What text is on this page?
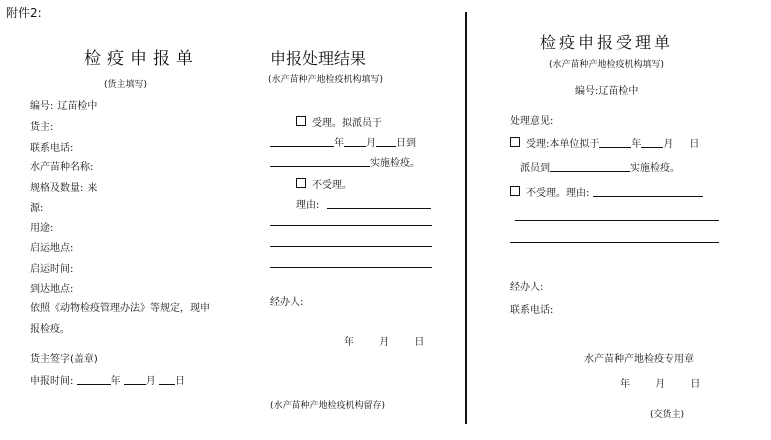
附件2:
检疫申报单
(货主填写)
编号: 辽苗检中
货主:
联系电话:
水产苗种名称:
规格及数量: 来
源:
用途:
启运地点:
启运时间:
到达地点:
依照《动物检疫管理办法》等规定，现申
报检疫。
货主签字(盖章)
申报时间:	年	月 日
申报处理结果
(水产苗种产地检疫机构填写)
受理。拟派员于
年 月 日到
实施检疫。
不受理。
理由:
经办人:
年	月	日
(水产苗种产地检疫机构留存)
检疫申报受理单
(水产苗种产地检疫机构填写)
编号:辽苗检中
处理意见:
受理:本单位拟于	年 月 日
派员到	实施检疫。
不受理。理由:
经办人:
联系电话:
水产苗种产地检疫专用章
年	月	日
(交货主)
